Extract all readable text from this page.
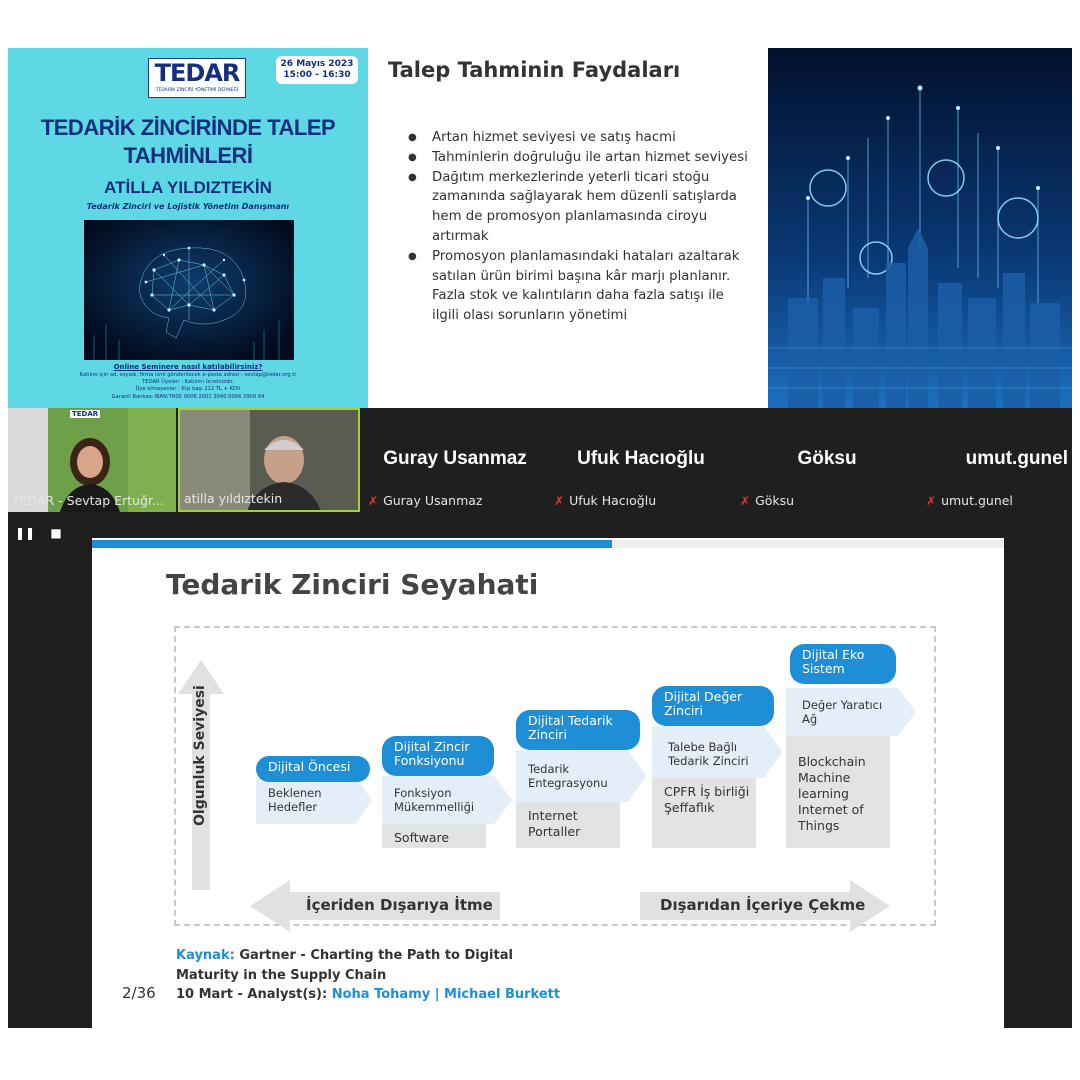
TEDAR
TEDARİK ZİNCİRİ YÖNETİMİ DERNEĞİ
26 Mayıs 2023
15:00 - 16:30
TEDARİK ZİNCİRİNDE TALEP
TAHMİNLERİ
ATİLLA YILDIZTEKİN
Tedarik Zinciri ve Lojistik Yönetim Danışmanı
Online Seminere nasıl katılabilirsiniz?
Katılım için ad, soyadı, firma ismi gönderilecek e-posta adresi : sevtap@tedar.org.tr
TEDAR Üyeleri : Katılımı ücretsizdir.
Üye olmayanlar : Kişi başı 212 TL + KDV
Garanti Bankası IBAN:TR05 0006 2001 3040 0006 2909 84
Talep Tahminin Faydaları
● Artan hizmet seviyesi ve satış hacmi
● Tahminlerin doğruluğu ile artan hizmet seviyesi
● Dağıtım merkezlerinde yeterli ticari stoğu zamanında sağlayarak hem düzenli satışlarda hem de promosyon planlamasında ciroyu artırmak
● Promosyon planlamasındaki hataları azaltarak satılan ürün birimi başına kâr marjı planlanır. Fazla stok ve kalıntıların daha fazla satışı ile ilgili olası sorunların yönetimi
TEDAR
TEDAR - Sevtap Ertuğr... atilla yıldıztekin
Guray Usanmaz
✗ Guray Usanmaz
Ufuk Hacıoğlu
✗ Ufuk Hacıoğlu
Göksu
✗ Göksu
umut.gunel
✗ umut.gunel
❚❚ ■
Tedarik Zinciri Seyahati
Olgunluk Seviyesi	Dijital Öncesi
Beklenen Hedefler
Dijital Zincir Fonksiyonu
Fonksiyon Mükemmelliği
Software
Dijital Tedarik Zinciri
Tedarik Entegrasyonu
Internet Portaller
Dijital Değer Zinciri
Talebe Bağlı Tedarik Zinciri
CPFR İş birliği Şeffaflık
Dijital Eko Sistem
Değer Yaratıcı Ağ
Blockchain Machine learning Internet of Things
İçeriden Dışarıya İtme	Dışarıdan İçeriye Çekme
Kaynak: Gartner - Charting the Path to Digital
Maturity in the Supply Chain
10 Mart - Analyst(s): Noha Tohamy | Michael Burkett
2/36
